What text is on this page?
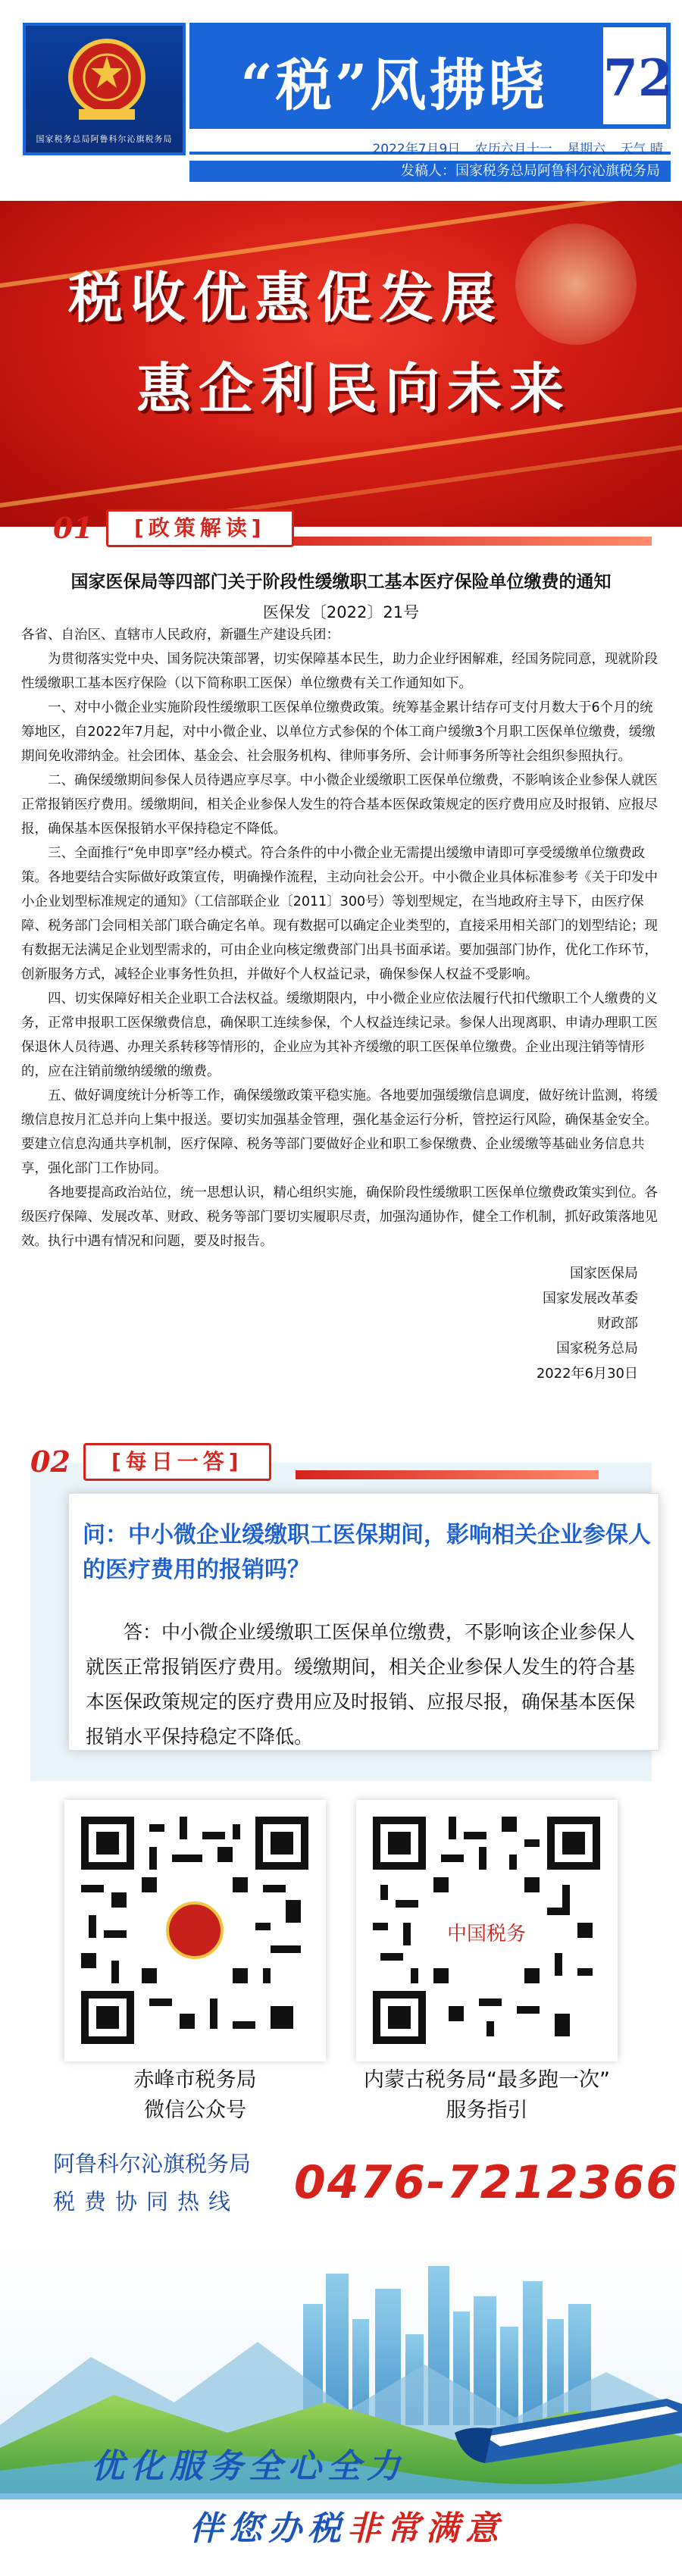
国家税务总局阿鲁科尔沁旗税务局
“税”风拂晓	72
2022年7月9日 农历六月十一 星期六 天气 晴
发稿人：国家税务总局阿鲁科尔沁旗税务局
税收优惠促发展
惠企利民向未来
01	[政策解读]
国家医保局等四部门关于阶段性缓缴职工基本医疗保险单位缴费的通知
医保发〔2022〕21号

各省、自治区、直辖市人民政府，新疆生产建设兵团：

为贯彻落实党中央、国务院决策部署，切实保障基本民生，助力企业纾困解难，经国务院同意，现就阶段性缓缴职工基本医疗保险（以下简称职工医保）单位缴费有关工作通知如下。

一、对中小微企业实施阶段性缓缴职工医保单位缴费政策。统筹基金累计结存可支付月数大于6个月的统筹地区，自2022年7月起，对中小微企业、以单位方式参保的个体工商户缓缴3个月职工医保单位缴费，缓缴期间免收滞纳金。社会团体、基金会、社会服务机构、律师事务所、会计师事务所等社会组织参照执行。

二、确保缓缴期间参保人员待遇应享尽享。中小微企业缓缴职工医保单位缴费，不影响该企业参保人就医正常报销医疗费用。缓缴期间，相关企业参保人发生的符合基本医保政策规定的医疗费用应及时报销、应报尽报，确保基本医保报销水平保持稳定不降低。

三、全面推行“免申即享”经办模式。符合条件的中小微企业无需提出缓缴申请即可享受缓缴单位缴费政策。各地要结合实际做好政策宣传，明确操作流程，主动向社会公开。中小微企业具体标准参考《关于印发中小企业划型标准规定的通知》（工信部联企业〔2011〕300号）等划型规定，在当地政府主导下，由医疗保障、税务部门会同相关部门联合确定名单。现有数据可以确定企业类型的，直接采用相关部门的划型结论；现有数据无法满足企业划型需求的，可由企业向核定缴费部门出具书面承诺。要加强部门协作，优化工作环节，创新服务方式，减轻企业事务性负担，并做好个人权益记录，确保参保人权益不受影响。

四、切实保障好相关企业职工合法权益。缓缴期限内，中小微企业应依法履行代扣代缴职工个人缴费的义务，正常申报职工医保缴费信息，确保职工连续参保，个人权益连续记录。参保人出现离职、申请办理职工医保退休人员待遇、办理关系转移等情形的，企业应为其补齐缓缴的职工医保单位缴费。企业出现注销等情形的，应在注销前缴纳缓缴的缴费。

五、做好调度统计分析等工作，确保缓缴政策平稳实施。各地要加强缓缴信息调度，做好统计监测，将缓缴信息按月汇总并向上集中报送。要切实加强基金管理，强化基金运行分析，管控运行风险，确保基金安全。要建立信息沟通共享机制，医疗保障、税务等部门要做好企业和职工参保缴费、企业缓缴等基础业务信息共享，强化部门工作协同。

各地要提高政治站位，统一思想认识，精心组织实施，确保阶段性缓缴职工医保单位缴费政策实到位。各级医疗保障、发展改革、财政、税务等部门要切实履职尽责，加强沟通协作，健全工作机制，抓好政策落地见效。执行中遇有情况和问题，要及时报告。

国家医保局
国家发展改革委
财政部
国家税务总局
2022年6月30日
02	[每日一答]
问：中小微企业缓缴职工医保期间，影响相关企业参保人的医疗费用的报销吗？
答：中小微企业缓缴职工医保单位缴费，不影响该企业参保人就医正常报销医疗费用。缓缴期间，相关企业参保人发生的符合基本医保政策规定的医疗费用应及时报销、应报尽报，确保基本医保报销水平保持稳定不降低。
中国税务
赤峰市税务局
微信公众号
内蒙古税务局“最多跑一次”
服务指引
阿鲁科尔沁旗税务局
税费协同热线 0476-7212366
优化服务全心全力
伴您办税非常满意
